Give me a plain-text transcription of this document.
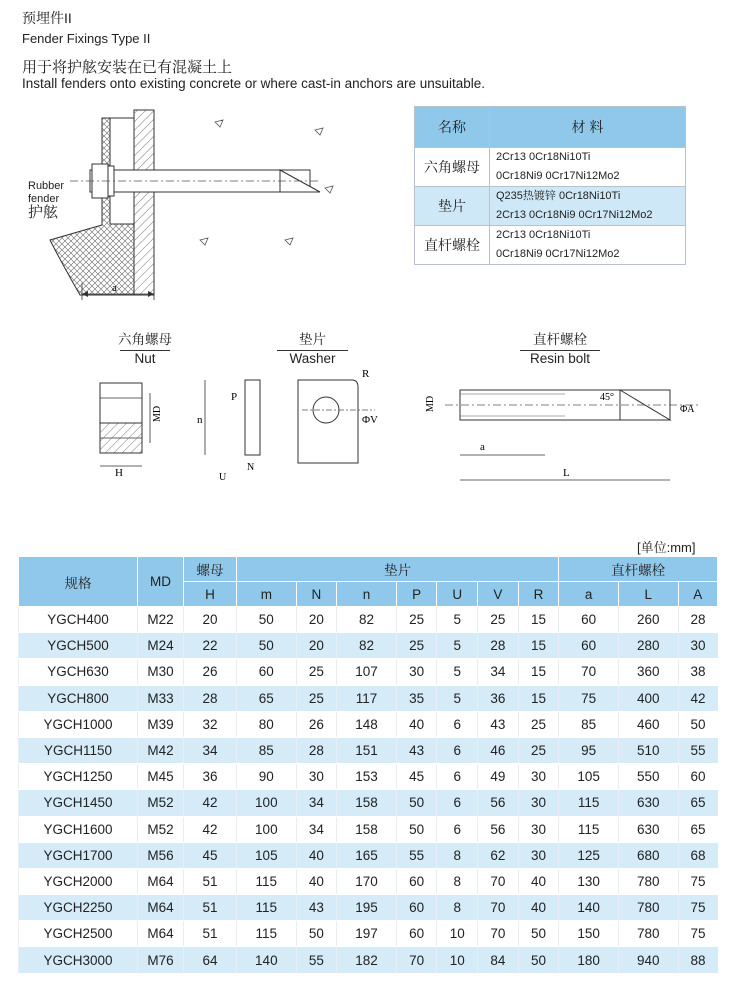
预埋件II
Fender Fixings Type II
用于将护舷安装在已有混凝土上
Install fenders onto existing concrete or where cast-in anchors are unsuitable.
a
Rubber
fender
护舷
名称	材 料
六角螺母	2Cr13 0Cr18Ni10Ti
0Cr18Ni9 0Cr17Ni12Mo2

垫片	Q235热镀锌 0Cr18Ni10Ti
2Cr13 0Cr18Ni9 0Cr17Ni12Mo2

直杆螺栓	2Cr13 0Cr18Ni10Ti
0Cr18Ni9 0Cr17Ni12Mo2
六角螺母
Nut
垫片
Washer
直杆螺栓
Resin bolt
MD
H
n
P
U
N
R
ΦV
MD	45°
ΦA
a
L
[单位:mm]
规格	MD	螺母	垫片							直杆螺栓		
		H	m	N	n	P	U	V	R	a	L	A
YGCH400	M22	20	50	20	82	25	5	25	15	60	260	28
YGCH500	M24	22	50	20	82	25	5	28	15	60	280	30
YGCH630	M30	26	60	25	107	30	5	34	15	70	360	38
YGCH800	M33	28	65	25	117	35	5	36	15	75	400	42
YGCH1000	M39	32	80	26	148	40	6	43	25	85	460	50
YGCH1150	M42	34	85	28	151	43	6	46	25	95	510	55
YGCH1250	M45	36	90	30	153	45	6	49	30	105	550	60
YGCH1450	M52	42	100	34	158	50	6	56	30	115	630	65
YGCH1600	M52	42	100	34	158	50	6	56	30	115	630	65
YGCH1700	M56	45	105	40	165	55	8	62	30	125	680	68
YGCH2000	M64	51	115	40	170	60	8	70	40	130	780	75
YGCH2250	M64	51	115	43	195	60	8	70	40	140	780	75
YGCH2500	M64	51	115	50	197	60	10	70	50	150	780	75
YGCH3000	M76	64	140	55	182	70	10	84	50	180	940	88
